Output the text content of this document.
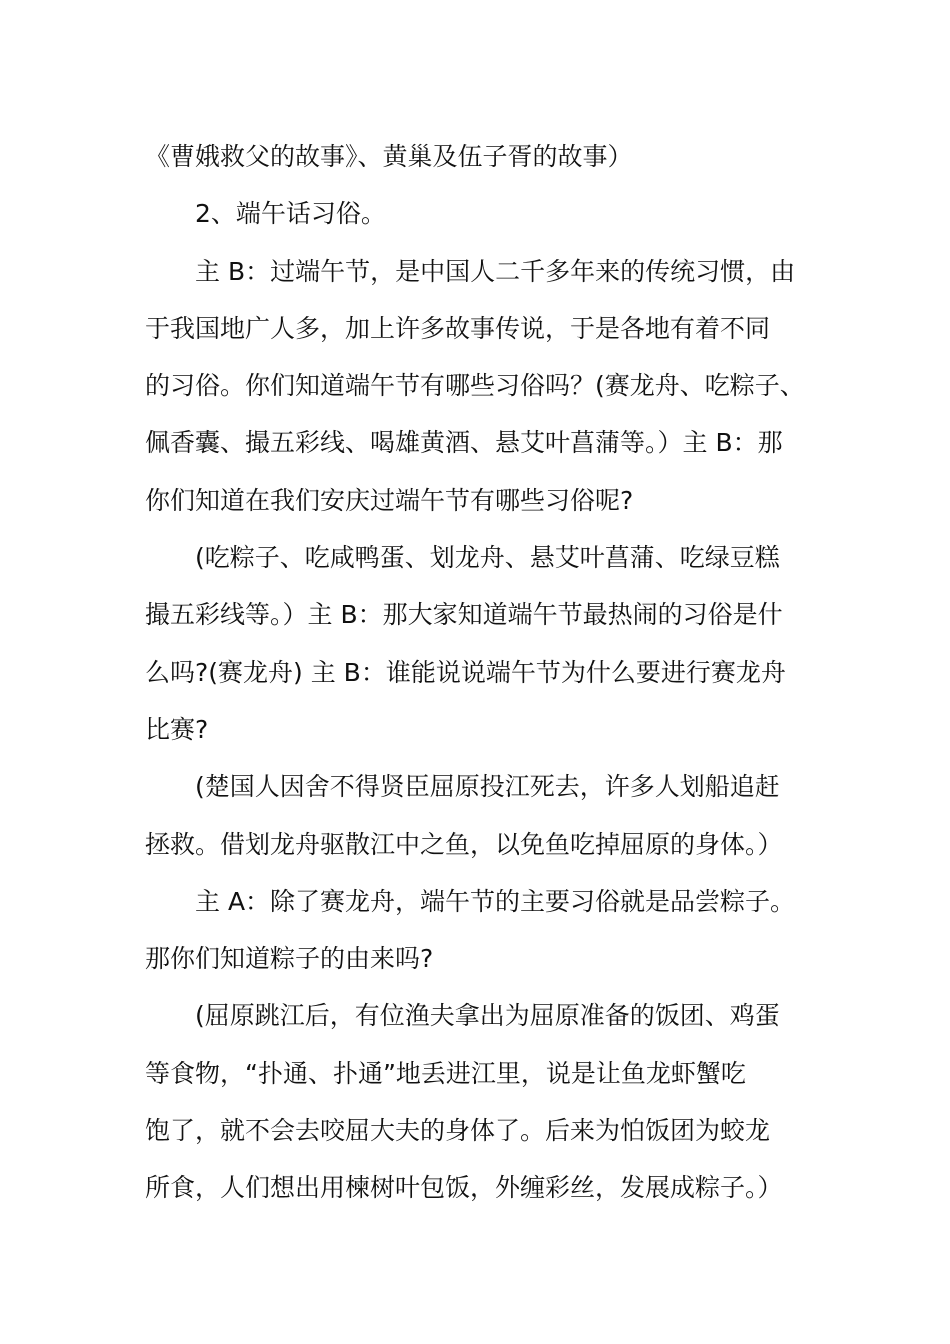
《曹娥救父的故事》、黄巢及伍子胥的故事）
2、端午话习俗。
主 B：过端午节，是中国人二千多年来的传统习惯，由
于我国地广人多，加上许多故事传说，于是各地有着不同
的习俗。你们知道端午节有哪些习俗吗？(赛龙舟、吃粽子、
佩香囊、撮五彩线、喝雄黄酒、悬艾叶菖蒲等。）主 B：那
你们知道在我们安庆过端午节有哪些习俗呢?
(吃粽子、吃咸鸭蛋、划龙舟、悬艾叶菖蒲、吃绿豆糕
撮五彩线等。）主 B：那大家知道端午节最热闹的习俗是什
么吗?(赛龙舟) 主 B：谁能说说端午节为什么要进行赛龙舟
比赛?
(楚国人因舍不得贤臣屈原投江死去，许多人划船追赶
拯救。借划龙舟驱散江中之鱼，以免鱼吃掉屈原的身体。）
主 A：除了赛龙舟，端午节的主要习俗就是品尝粽子。
那你们知道粽子的由来吗?
(屈原跳江后，有位渔夫拿出为屈原准备的饭团、鸡蛋
等食物，“扑通、扑通”地丢进江里，说是让鱼龙虾蟹吃
饱了，就不会去咬屈大夫的身体了。后来为怕饭团为蛟龙
所食，人们想出用楝树叶包饭，外缠彩丝，发展成粽子。）
